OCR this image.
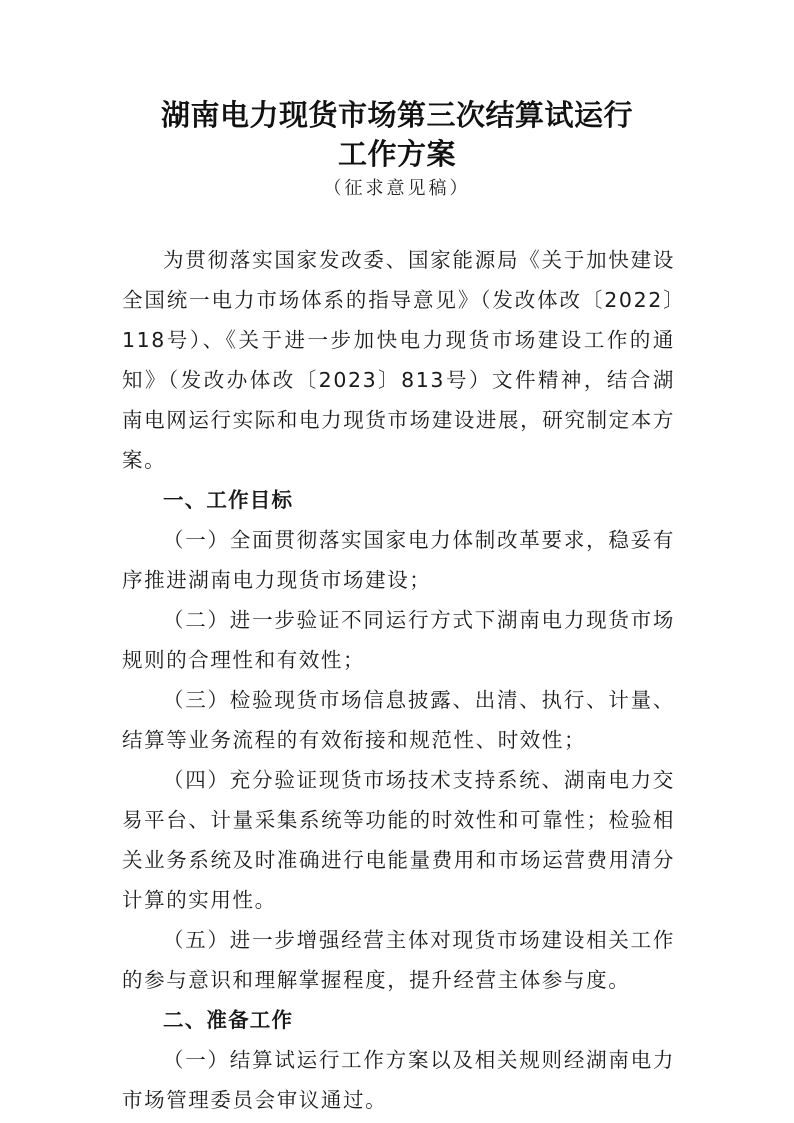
湖南电力现货市场第三次结算试运行
工作方案
（征求意见稿）

为贯彻落实国家发改委、国家能源局《关于加快建设全国统一电力市场体系的指导意见》（发改体改〔2022〕118号）、《关于进一步加快电力现货市场建设工作的通知》（发改办体改〔2023〕813号）文件精神，结合湖南电网运行实际和电力现货市场建设进展，研究制定本方案。

一、工作目标

（一）全面贯彻落实国家电力体制改革要求，稳妥有序推进湖南电力现货市场建设；

（二）进一步验证不同运行方式下湖南电力现货市场规则的合理性和有效性；

（三）检验现货市场信息披露、出清、执行、计量、结算等业务流程的有效衔接和规范性、时效性；

（四）充分验证现货市场技术支持系统、湖南电力交易平台、计量采集系统等功能的时效性和可靠性；检验相关业务系统及时准确进行电能量费用和市场运营费用清分计算的实用性。

（五）进一步增强经营主体对现货市场建设相关工作的参与意识和理解掌握程度，提升经营主体参与度。

二、准备工作

（一）结算试运行工作方案以及相关规则经湖南电力市场管理委员会审议通过。
